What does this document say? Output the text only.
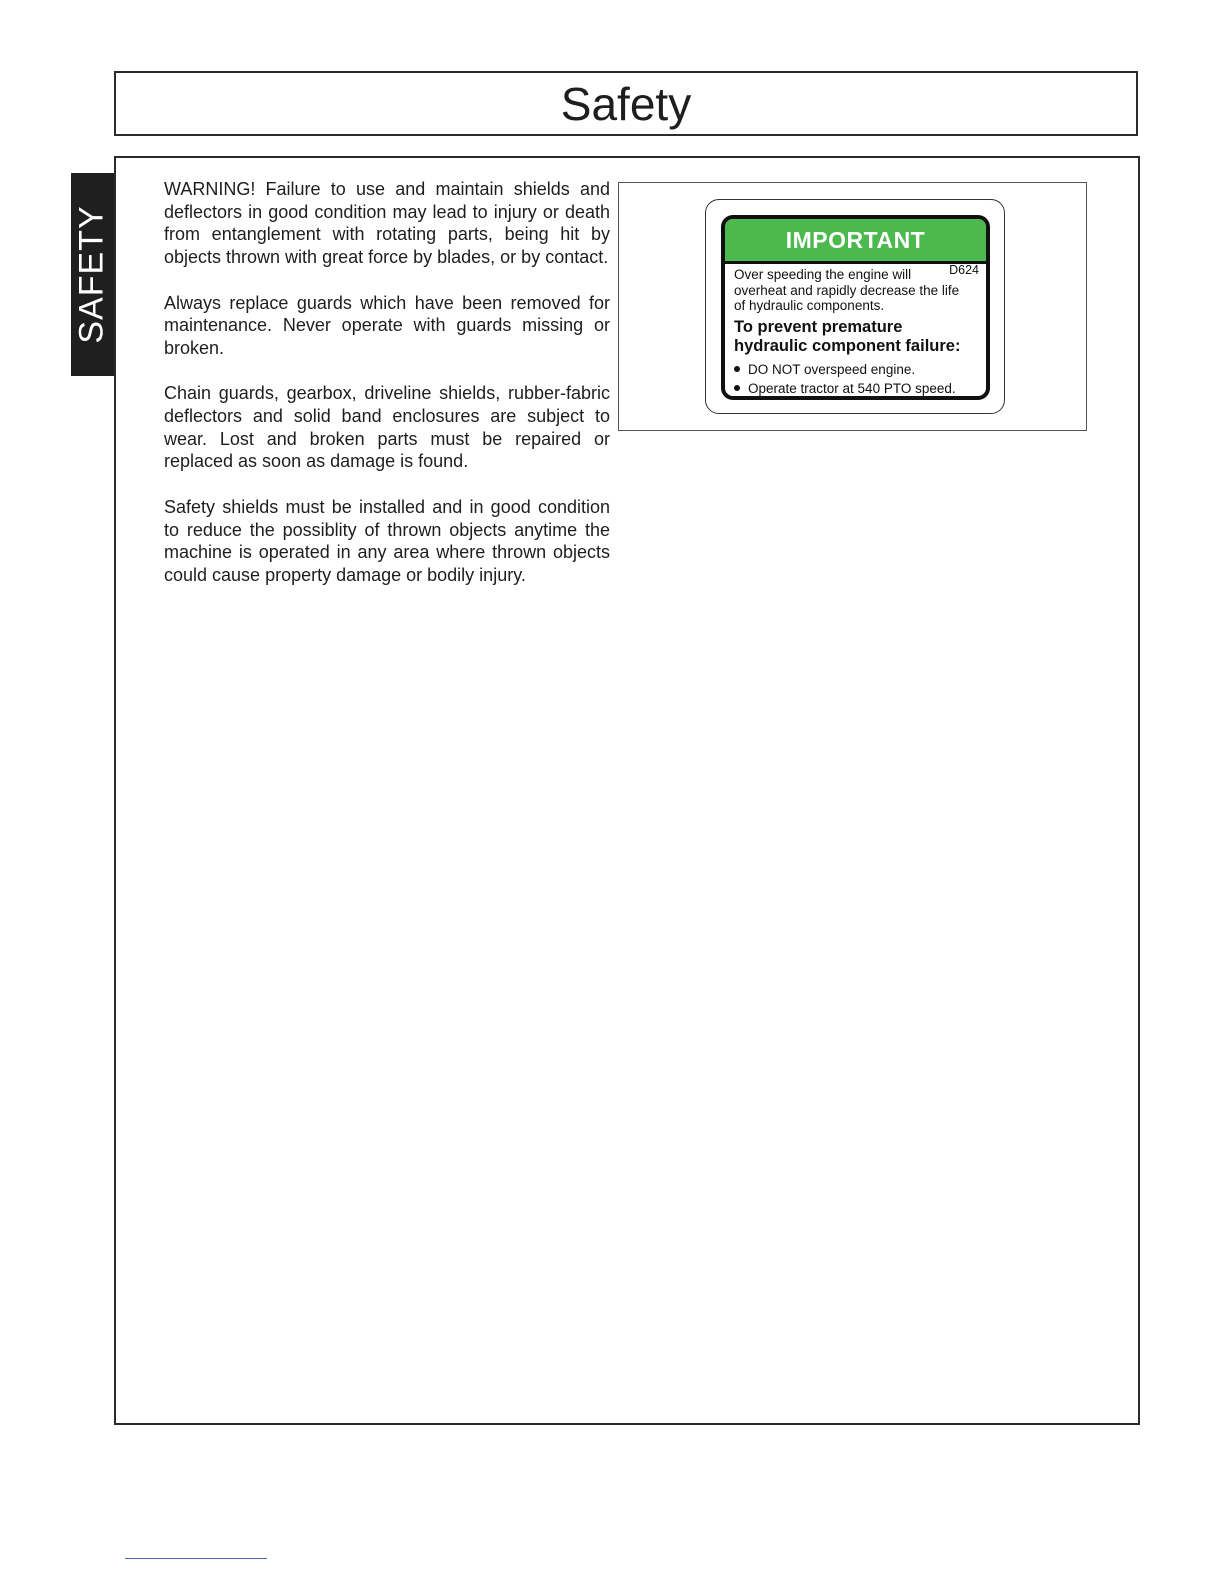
Safety
SAFETY

WARNING! Failure to use and maintain shields and deflectors in good condition may lead to injury or death from entanglement with rotating parts, being hit by objects thrown with great force by blades, or by contact.

Always replace guards which have been removed for maintenance. Never operate with guards missing or broken.

Chain guards, gearbox, driveline shields, rubber-fabric deflectors and solid band enclosures are subject to wear. Lost and broken parts must be repaired or replaced as soon as damage is found.

Safety shields must be installed and in good condition to reduce the possiblity of thrown objects anytime the machine is operated in any area where thrown objects could cause property damage or bodily injury.

IMPORTANT
D624
Over speeding the engine will
overheat and rapidly decrease the life
of hydraulic components.
To prevent premature
hydraulic component failure:
DO NOT overspeed engine.
Operate tractor at 540 PTO speed.
